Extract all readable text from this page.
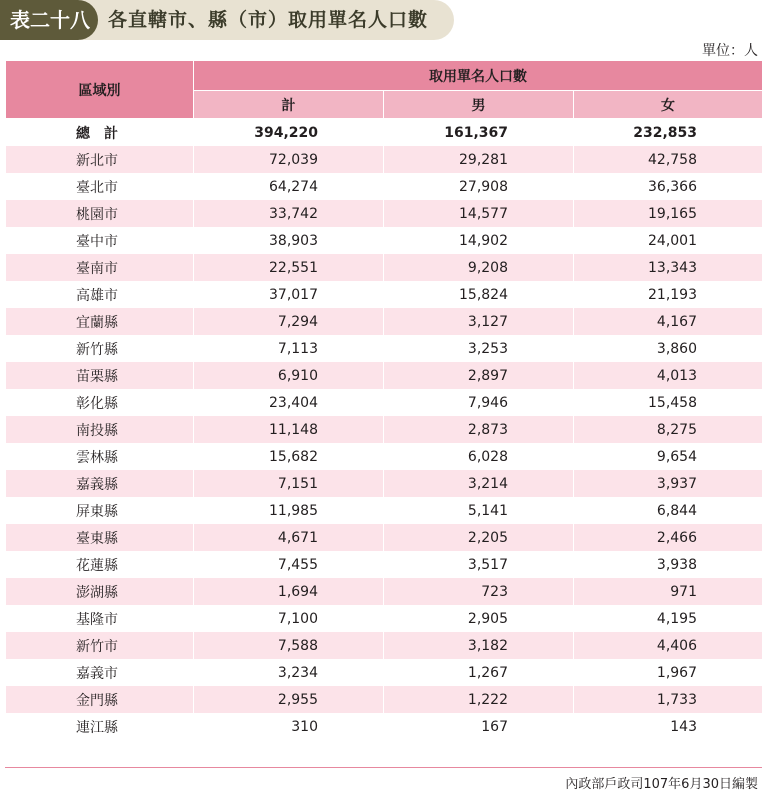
表二十八 各直轄市、縣（市）取用單名人口數
單位：人
區域別	取用單名人口數		
	計	男	女
總　計	394,220	161,367	232,853
新北市	72,039	29,281	42,758
臺北市	64,274	27,908	36,366
桃園市	33,742	14,577	19,165
臺中市	38,903	14,902	24,001
臺南市	22,551	9,208	13,343
高雄市	37,017	15,824	21,193
宜蘭縣	7,294	3,127	4,167
新竹縣	7,113	3,253	3,860
苗栗縣	6,910	2,897	4,013
彰化縣	23,404	7,946	15,458
南投縣	11,148	2,873	8,275
雲林縣	15,682	6,028	9,654
嘉義縣	7,151	3,214	3,937
屏東縣	11,985	5,141	6,844
臺東縣	4,671	2,205	2,466
花蓮縣	7,455	3,517	3,938
澎湖縣	1,694	723	971
基隆市	7,100	2,905	4,195
新竹市	7,588	3,182	4,406
嘉義市	3,234	1,267	1,967
金門縣	2,955	1,222	1,733
連江縣	310	167	143
內政部戶政司107年6月30日編製
